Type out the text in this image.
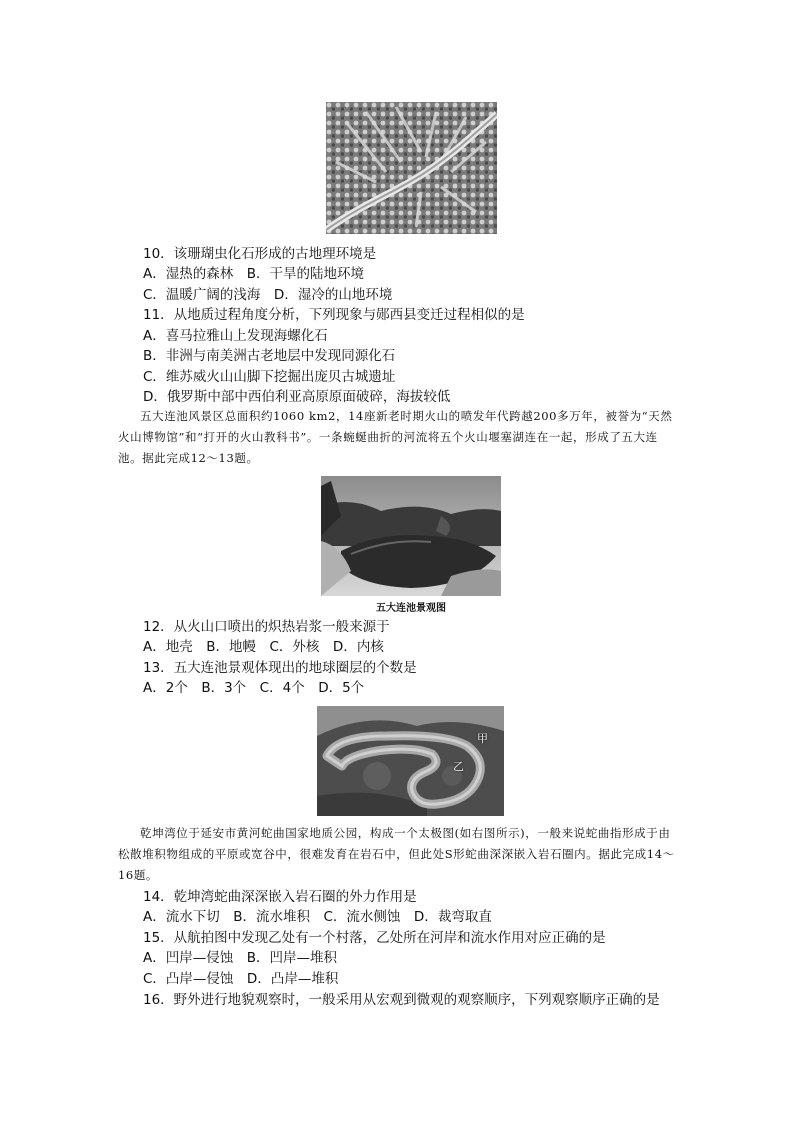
10．该珊瑚虫化石形成的古地理环境是
A．湿热的森林　B．干旱的陆地环境
C．温暖广阔的浅海　D．湿冷的山地环境
11．从地质过程角度分析，下列现象与郧西县变迁过程相似的是
A．喜马拉雅山上发现海螺化石
B．非洲与南美洲古老地层中发现同源化石
C．维苏威火山山脚下挖掘出庞贝古城遗址
D．俄罗斯中部中西伯利亚高原原面破碎，海拔较低

五大连池风景区总面积约1060 km2，14座新老时期火山的喷发年代跨越200多万年，被誉为“天然火山博物馆”和“打开的火山教科书”。一条蜿蜒曲折的河流将五个火山堰塞湖连在一起，形成了五大连池。据此完成12～13题。

五大连池景观图
12．从火山口喷出的炽热岩浆一般来源于
A．地壳　B．地幔　C．外核　D．内核
13．五大连池景观体现出的地球圈层的个数是
A．2个　B．3个　C．4个　D．5个
甲
乙

乾坤湾位于延安市黄河蛇曲国家地质公园，构成一个太极图(如右图所示)，一般来说蛇曲指形成于由松散堆积物组成的平原或宽谷中，很难发育在岩石中，但此处S形蛇曲深深嵌入岩石圈内。据此完成14～16题。

14．乾坤湾蛇曲深深嵌入岩石圈的外力作用是
A．流水下切　B．流水堆积　C．流水侧蚀　D．裁弯取直
15．从航拍图中发现乙处有一个村落，乙处所在河岸和流水作用对应正确的是
A．凹岸—侵蚀　B．凹岸—堆积
C．凸岸—侵蚀　D．凸岸—堆积
16．野外进行地貌观察时，一般采用从宏观到微观的观察顺序，下列观察顺序正确的是
